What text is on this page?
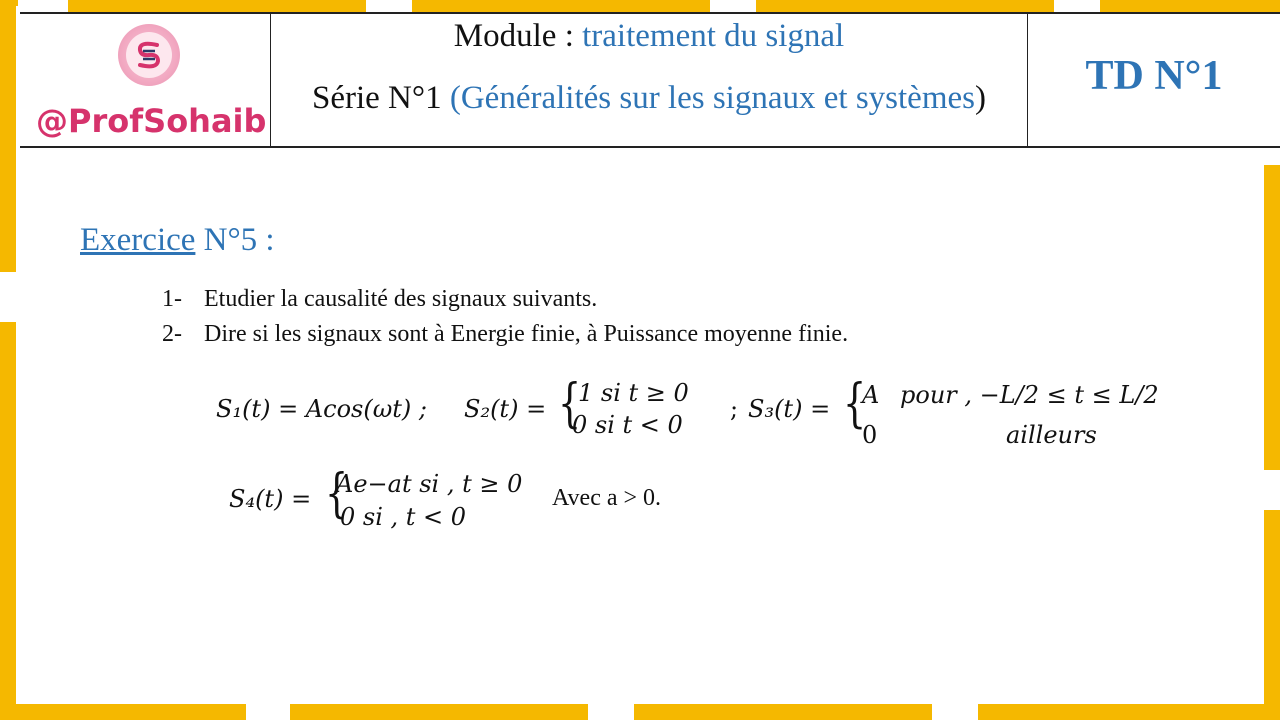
@ProfSohaib
Module : traitement du signal
Série N°1 (Généralités sur les signaux et systèmes)	TD N°1
Exercice N°5 :
1- Etudier la causalité des signaux suivants.
2- Dire si les signaux sont à Energie finie, à Puissance moyenne finie.
S₁(t) = Acos(ωt) ; S₂(t) = {
1 si t ≥ 0
0 si t < 0
; S₃(t) = {
A pour , −L/2 ≤ t ≤ L/2
0	ailleurs
S₄(t) = {
Ae−at si , t ≥ 0
0 si , t < 0
Avec a > 0.
